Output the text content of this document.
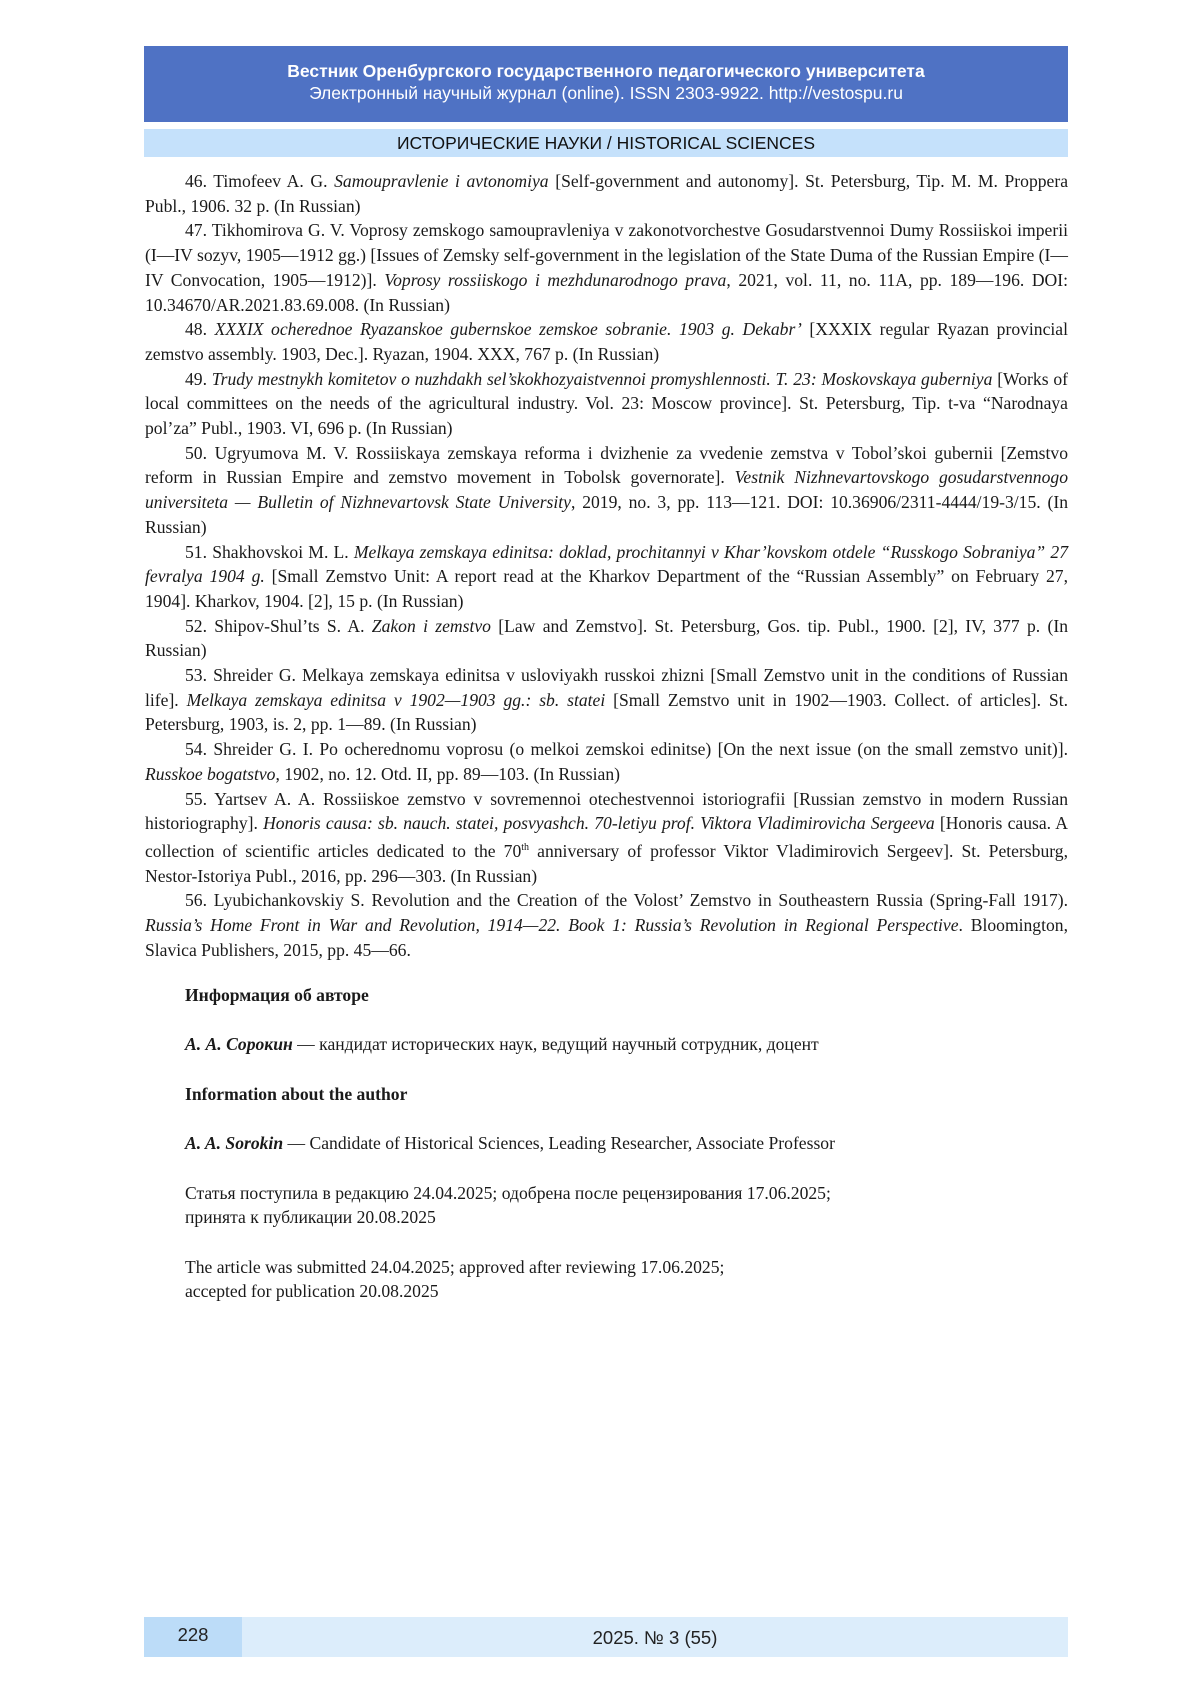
Вестник Оренбургского государственного педагогического университета
Электронный научный журнал (online). ISSN 2303-9922. http://vestospu.ru
ИСТОРИЧЕСКИЕ НАУКИ / HISTORICAL SCIENCES

46. Timofeev A. G. Samoupravlenie i avtonomiya [Self-government and autonomy]. St. Petersburg, Tip. M. M. Proppera Publ., 1906. 32 p. (In Russian)

47. Tikhomirova G. V. Voprosy zemskogo samoupravleniya v zakonotvorchestve Gosudarstvennoi Dumy Rossiiskoi imperii (I—IV sozyv, 1905—1912 gg.) [Issues of Zemsky self-government in the legislation of the State Duma of the Russian Empire (I—IV Convocation, 1905—1912)]. Voprosy rossiiskogo i mezhdunarodnogo prava, 2021, vol. 11, no. 11A, pp. 189—196. DOI: 10.34670/AR.2021.83.69.008. (In Russian)

48. XXXIX ocherednoe Ryazanskoe gubernskoe zemskoe sobranie. 1903 g. Dekabr’ [XXXIX regular Ryazan provincial zemstvo assembly. 1903, Dec.]. Ryazan, 1904. XXX, 767 p. (In Russian)

49. Trudy mestnykh komitetov o nuzhdakh sel’skokhozyaistvennoi promyshlennosti. T. 23: Moskovskaya guberniya [Works of local committees on the needs of the agricultural industry. Vol. 23: Moscow province]. St. Petersburg, Tip. t-va “Narodnaya pol’za” Publ., 1903. VI, 696 p. (In Russian)

50. Ugryumova M. V. Rossiiskaya zemskaya reforma i dvizhenie za vvedenie zemstva v Tobol’skoi gubernii [Zemstvo reform in Russian Empire and zemstvo movement in Tobolsk governorate]. Vestnik Nizhnevartovskogo gosudarstvennogo universiteta — Bulletin of Nizhnevartovsk State University, 2019, no. 3, pp. 113—121. DOI: 10.36906/2311-4444/19-3/15. (In Russian)

51. Shakhovskoi M. L. Melkaya zemskaya edinitsa: doklad, prochitannyi v Khar’kovskom otdele “Russkogo Sobraniya” 27 fevralya 1904 g. [Small Zemstvo Unit: A report read at the Kharkov Department of the “Russian Assembly” on February 27, 1904]. Kharkov, 1904. [2], 15 p. (In Russian)

52. Shipov-Shul’ts S. A. Zakon i zemstvo [Law and Zemstvo]. St. Petersburg, Gos. tip. Publ., 1900. [2], IV, 377 p. (In Russian)

53. Shreider G. Melkaya zemskaya edinitsa v usloviyakh russkoi zhizni [Small Zemstvo unit in the conditions of Russian life]. Melkaya zemskaya edinitsa v 1902—1903 gg.: sb. statei [Small Zemstvo unit in 1902—1903. Collect. of articles]. St. Petersburg, 1903, is. 2, pp. 1—89. (In Russian)

54. Shreider G. I. Po ocherednomu voprosu (o melkoi zemskoi edinitse) [On the next issue (on the small zemstvo unit)]. Russkoe bogatstvo, 1902, no. 12. Otd. II, pp. 89—103. (In Russian)

55. Yartsev A. A. Rossiiskoe zemstvo v sovremennoi otechestvennoi istoriografii [Russian zemstvo in modern Russian historiography]. Honoris causa: sb. nauch. statei, posvyashch. 70-letiyu prof. Viktora Vladimirovicha Sergeeva [Honoris causa. A collection of scientific articles dedicated to the 70th anniversary of professor Viktor Vladimirovich Sergeev]. St. Petersburg, Nestor-Istoriya Publ., 2016, pp. 296—303. (In Russian)

56. Lyubichankovskiy S. Revolution and the Creation of the Volost’ Zemstvo in Southeastern Russia (Spring-Fall 1917). Russia’s Home Front in War and Revolution, 1914—22. Book 1: Russia’s Revolution in Regional Perspective. Bloomington, Slavica Publishers, 2015, pp. 45—66.

Информация об авторе

А. А. Сорокин — кандидат исторических наук, ведущий научный сотрудник, доцент

Information about the author

A. A. Sorokin — Candidate of Historical Sciences, Leading Researcher, Associate Professor

Статья поступила в редакцию 24.04.2025; одобрена после рецензирования 17.06.2025;

принята к публикации 20.08.2025

The article was submitted 24.04.2025; approved after reviewing 17.06.2025;

accepted for publication 20.08.2025

228	2025. № 3 (55)
